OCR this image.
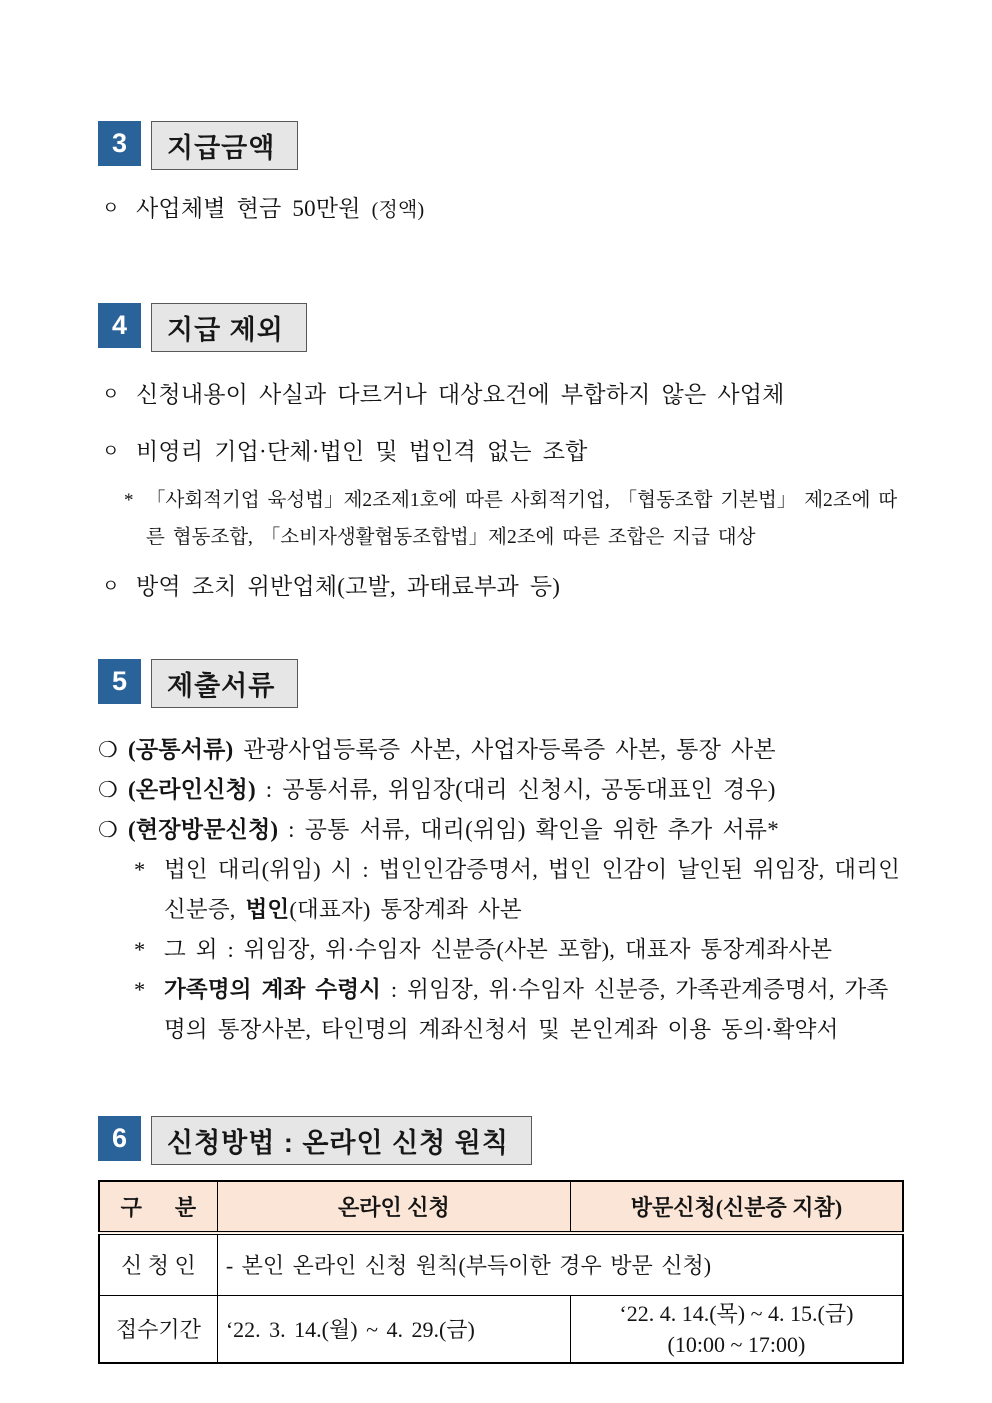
3	지급금액
ㅇ 사업체별 현금 50만원 (정액)
4	지급 제외
ㅇ 신청내용이 사실과 다르거나 대상요건에 부합하지 않은 사업체
ㅇ 비영리 기업·단체·법인 및 법인격 없는 조합
* 「사회적기업 육성법」제2조제1호에 따른 사회적기업, 「협동조합 기본법」 제2조에 따른 협동조합, 「소비자생활협동조합법」제2조에 따른 조합은 지급 대상
ㅇ 방역 조치 위반업체(고발, 과태료부과 등)
5	제출서류
❍ (공통서류) 관광사업등록증 사본, 사업자등록증 사본, 통장 사본
❍ (온라인신청) : 공통서류, 위임장(대리 신청시, 공동대표인 경우)
❍ (현장방문신청) : 공통 서류, 대리(위임) 확인을 위한 추가 서류*
* 법인 대리(위임) 시 : 법인인감증명서, 법인 인감이 날인된 위임장, 대리인 신분증, 법인(대표자) 통장계좌 사본
* 그 외 : 위임장, 위·수임자 신분증(사본 포함), 대표자 통장계좌사본
* 가족명의 계좌 수령시 : 위임장, 위·수임자 신분증, 가족관계증명서, 가족명의 통장사본, 타인명의 계좌신청서 및 본인계좌 이용 동의·확약서
6	신청방법 : 온라인 신청 원칙
구      분	온라인 신청	방문신청(신분증 지참)
신 청 인	- 본인 온라인 신청 원칙(부득이한 경우 방문 신청)	
접수기간	‘22. 3. 14.(월) ~ 4. 29.(금)	‘22. 4. 14.(목) ~ 4. 15.(금)
(10:00 ~ 17:00)
